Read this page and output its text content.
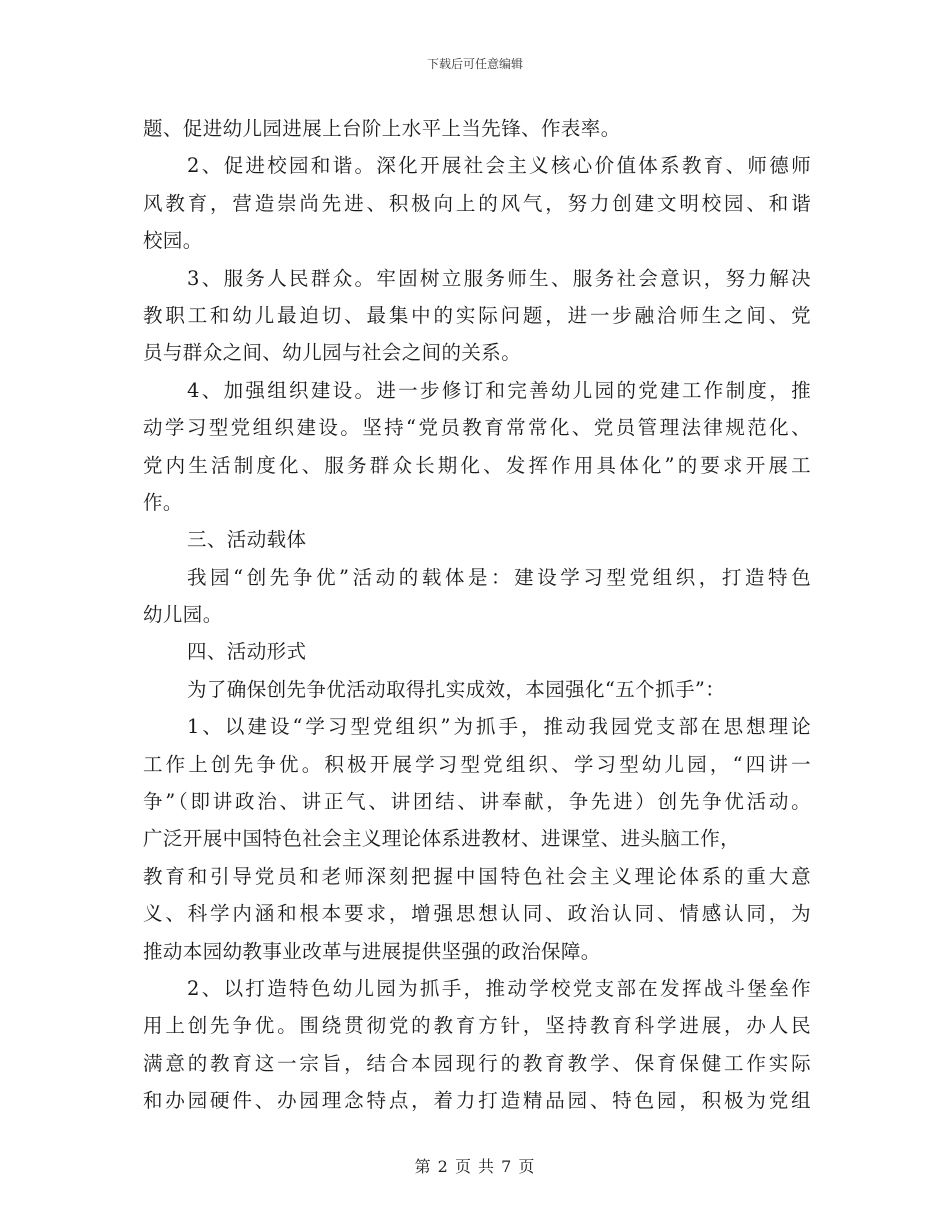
下载后可任意编辑
题、促进幼儿园进展上台阶上水平上当先锋、作表率。
2、促进校园和谐。深化开展社会主义核心价值体系教育、师德师
风教育，营造崇尚先进、积极向上的风气，努力创建文明校园、和谐
校园。
3、服务人民群众。牢固树立服务师生、服务社会意识，努力解决
教职工和幼儿最迫切、最集中的实际问题，进一步融洽师生之间、党
员与群众之间、幼儿园与社会之间的关系。
4、加强组织建设。进一步修订和完善幼儿园的党建工作制度，推
动学习型党组织建设。坚持“党员教育常常化、党员管理法律规范化、
党内生活制度化、服务群众长期化、发挥作用具体化”的要求开展工
作。
三、活动载体
我园“创先争优”活动的载体是：建设学习型党组织，打造特色
幼儿园。
四、活动形式
为了确保创先争优活动取得扎实成效，本园强化“五个抓手”：
1、以建设“学习型党组织”为抓手，推动我园党支部在思想理论
工作上创先争优。积极开展学习型党组织、学习型幼儿园，“四讲一
争”（即讲政治、讲正气、讲团结、讲奉献，争先进）创先争优活动。
广泛开展中国特色社会主义理论体系进教材、进课堂、进头脑工作，
教育和引导党员和老师深刻把握中国特色社会主义理论体系的重大意
义、科学内涵和根本要求，增强思想认同、政治认同、情感认同，为
推动本园幼教事业改革与进展提供坚强的政治保障。
2、以打造特色幼儿园为抓手，推动学校党支部在发挥战斗堡垒作
用上创先争优。围绕贯彻党的教育方针，坚持教育科学进展，办人民
满意的教育这一宗旨，结合本园现行的教育教学、保育保健工作实际
和办园硬件、办园理念特点，着力打造精品园、特色园，积极为党组
第 2 页 共 7 页
